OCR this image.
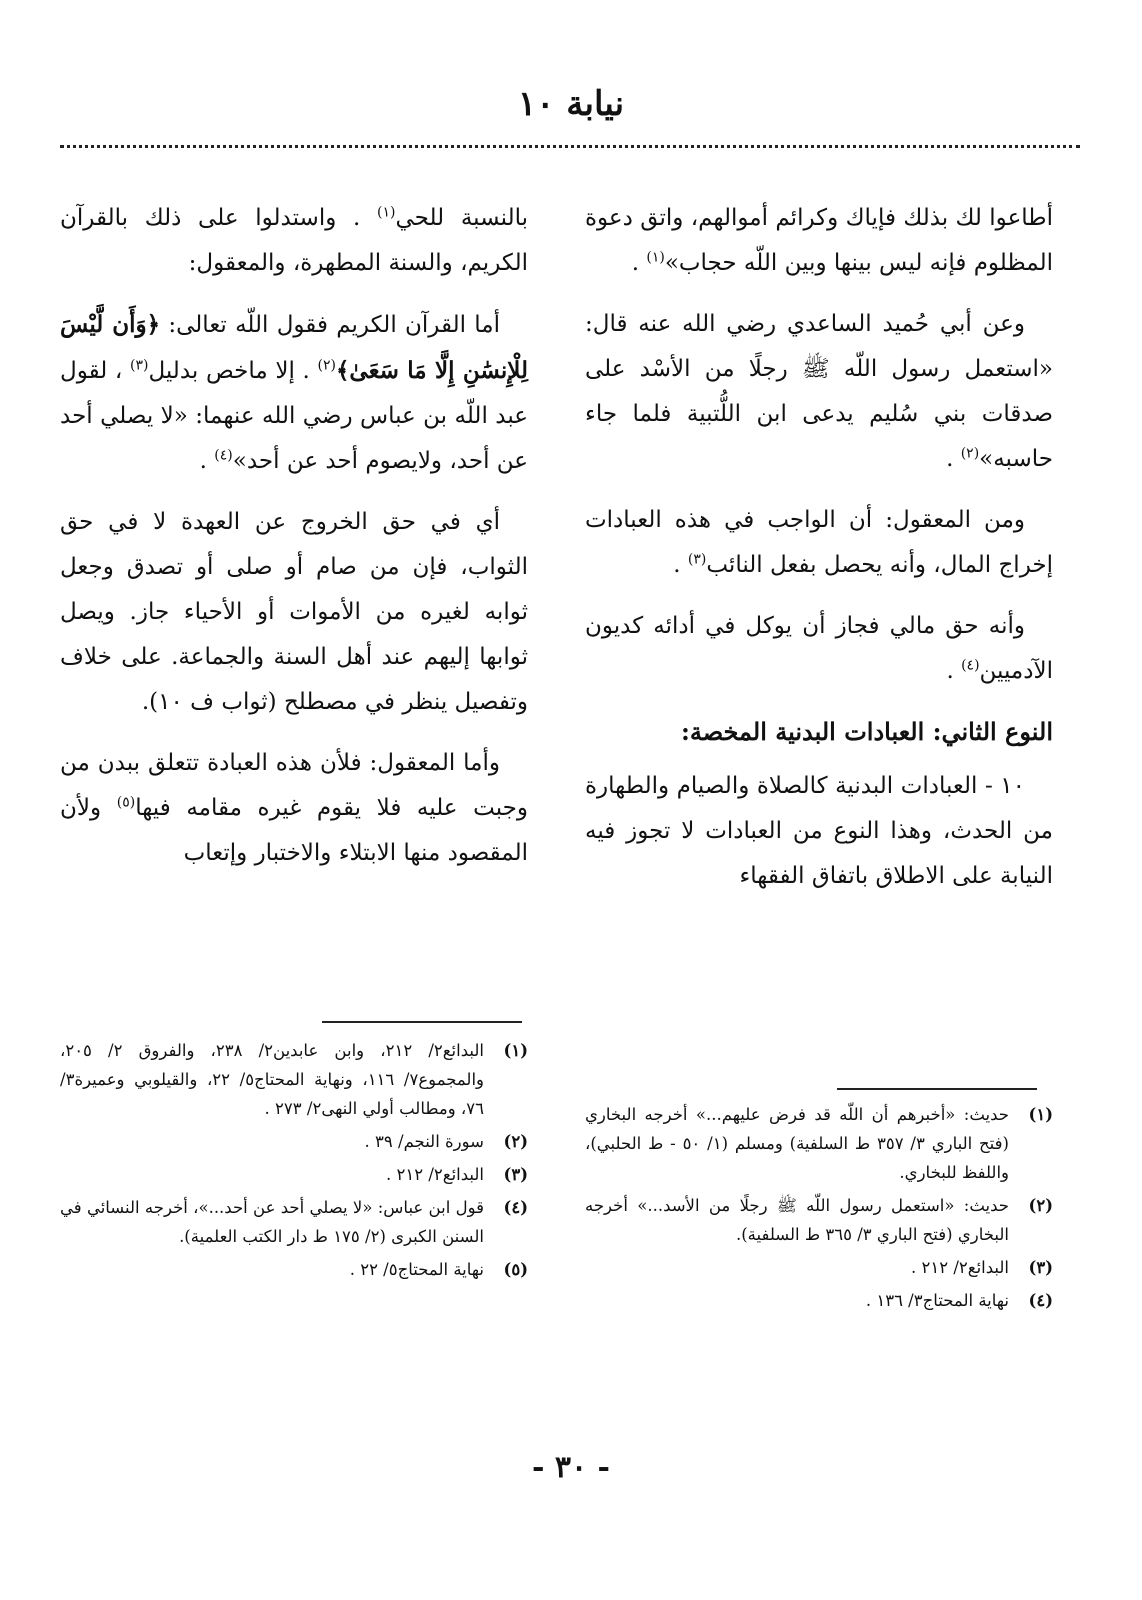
نيابة ١٠

أطاعوا لك بذلك فإياك وكرائم أموالهم، واتق دعوة المظلوم فإنه ليس بينها وبين اللّه حجاب»$^{(١)}$ .

وعن أبي حُميد الساعدي رضي الله عنه قال: «استعمل رسول اللّه ﷺ رجلًا من الأسْد على صدقات بني سُليم يدعى ابن اللُّتبية فلما جاء حاسبه»$^{(٢)}$ .

ومن المعقول: أن الواجب في هذه العبادات إخراج المال، وأنه يحصل بفعل النائب$^{(٣)}$ .

وأنه حق مالي فجاز أن يوكل في أدائه كديون الآدميين$^{(٤)}$ .

النوع الثاني: العبادات البدنية المخصة:

١٠ - العبادات البدنية كالصلاة والصيام والطهارة من الحدث، وهذا النوع من العبادات لا تجوز فيه النيابة على الاطلاق باتفاق الفقهاء

بالنسبة للحي$^{(١)}$ . واستدلوا على ذلك بالقرآن الكريم، والسنة المطهرة، والمعقول:

أما القرآن الكريم فقول اللّه تعالى: ﴿وَأَن لَّيْسَ لِلْإِنسَٰنِ إِلَّا مَا سَعَىٰ﴾$^{(٢)}$ . إلا ماخص بدليل$^{(٣)}$ ، لقول عبد اللّه بن عباس رضي الله عنهما: «لا يصلي أحد عن أحد، ولايصوم أحد عن أحد»$^{(٤)}$ .

أي في حق الخروج عن العهدة لا في حق الثواب، فإن من صام أو صلى أو تصدق وجعل ثوابه لغيره من الأموات أو الأحياء جاز. ويصل ثوابها إليهم عند أهل السنة والجماعة. على خلاف وتفصيل ينظر في مصطلح (ثواب ف ١٠).

وأما المعقول: فلأن هذه العبادة تتعلق ببدن من وجبت عليه فلا يقوم غيره مقامه فيها$^{(٥)}$ ولأن المقصود منها الابتلاء والاختبار وإتعاب

(١)
حديث: «أخبرهم أن اللّه قد فرض عليهم...» أخرجه البخاري (فتح الباري ٣/ ٣٥٧ ط السلفية) ومسلم (١/ ٥٠ - ط الحلبي)، واللفظ للبخاري.
(٢)
حديث: «استعمل رسول اللّه ﷺ رجلًا من الأسد...» أخرجه البخاري (فتح الباري ٣/ ٣٦٥ ط السلفية).
(٣)
البدائع٢/ ٢١٢ .
(٤)
نهاية المحتاج٣/ ١٣٦ .
(١)
البدائع٢/ ٢١٢، وابن عابدين٢/ ٢٣٨، والفروق ٢/ ٢٠٥، والمجموع٧/ ١١٦، ونهاية المحتاج٥/ ٢٢، والقيلوبي وعميرة٣/ ٧٦، ومطالب أولي النهى٢/ ٢٧٣ .
(٢)
سورة النجم/ ٣٩ .
(٣)
البدائع٢/ ٢١٢ .
(٤)
قول ابن عباس: «لا يصلي أحد عن أحد...»، أخرجه النسائي في السنن الكبرى (٢/ ١٧٥ ط دار الكتب العلمية).
(٥)
نهاية المحتاج٥/ ٢٢ .
- ٣٠ -
